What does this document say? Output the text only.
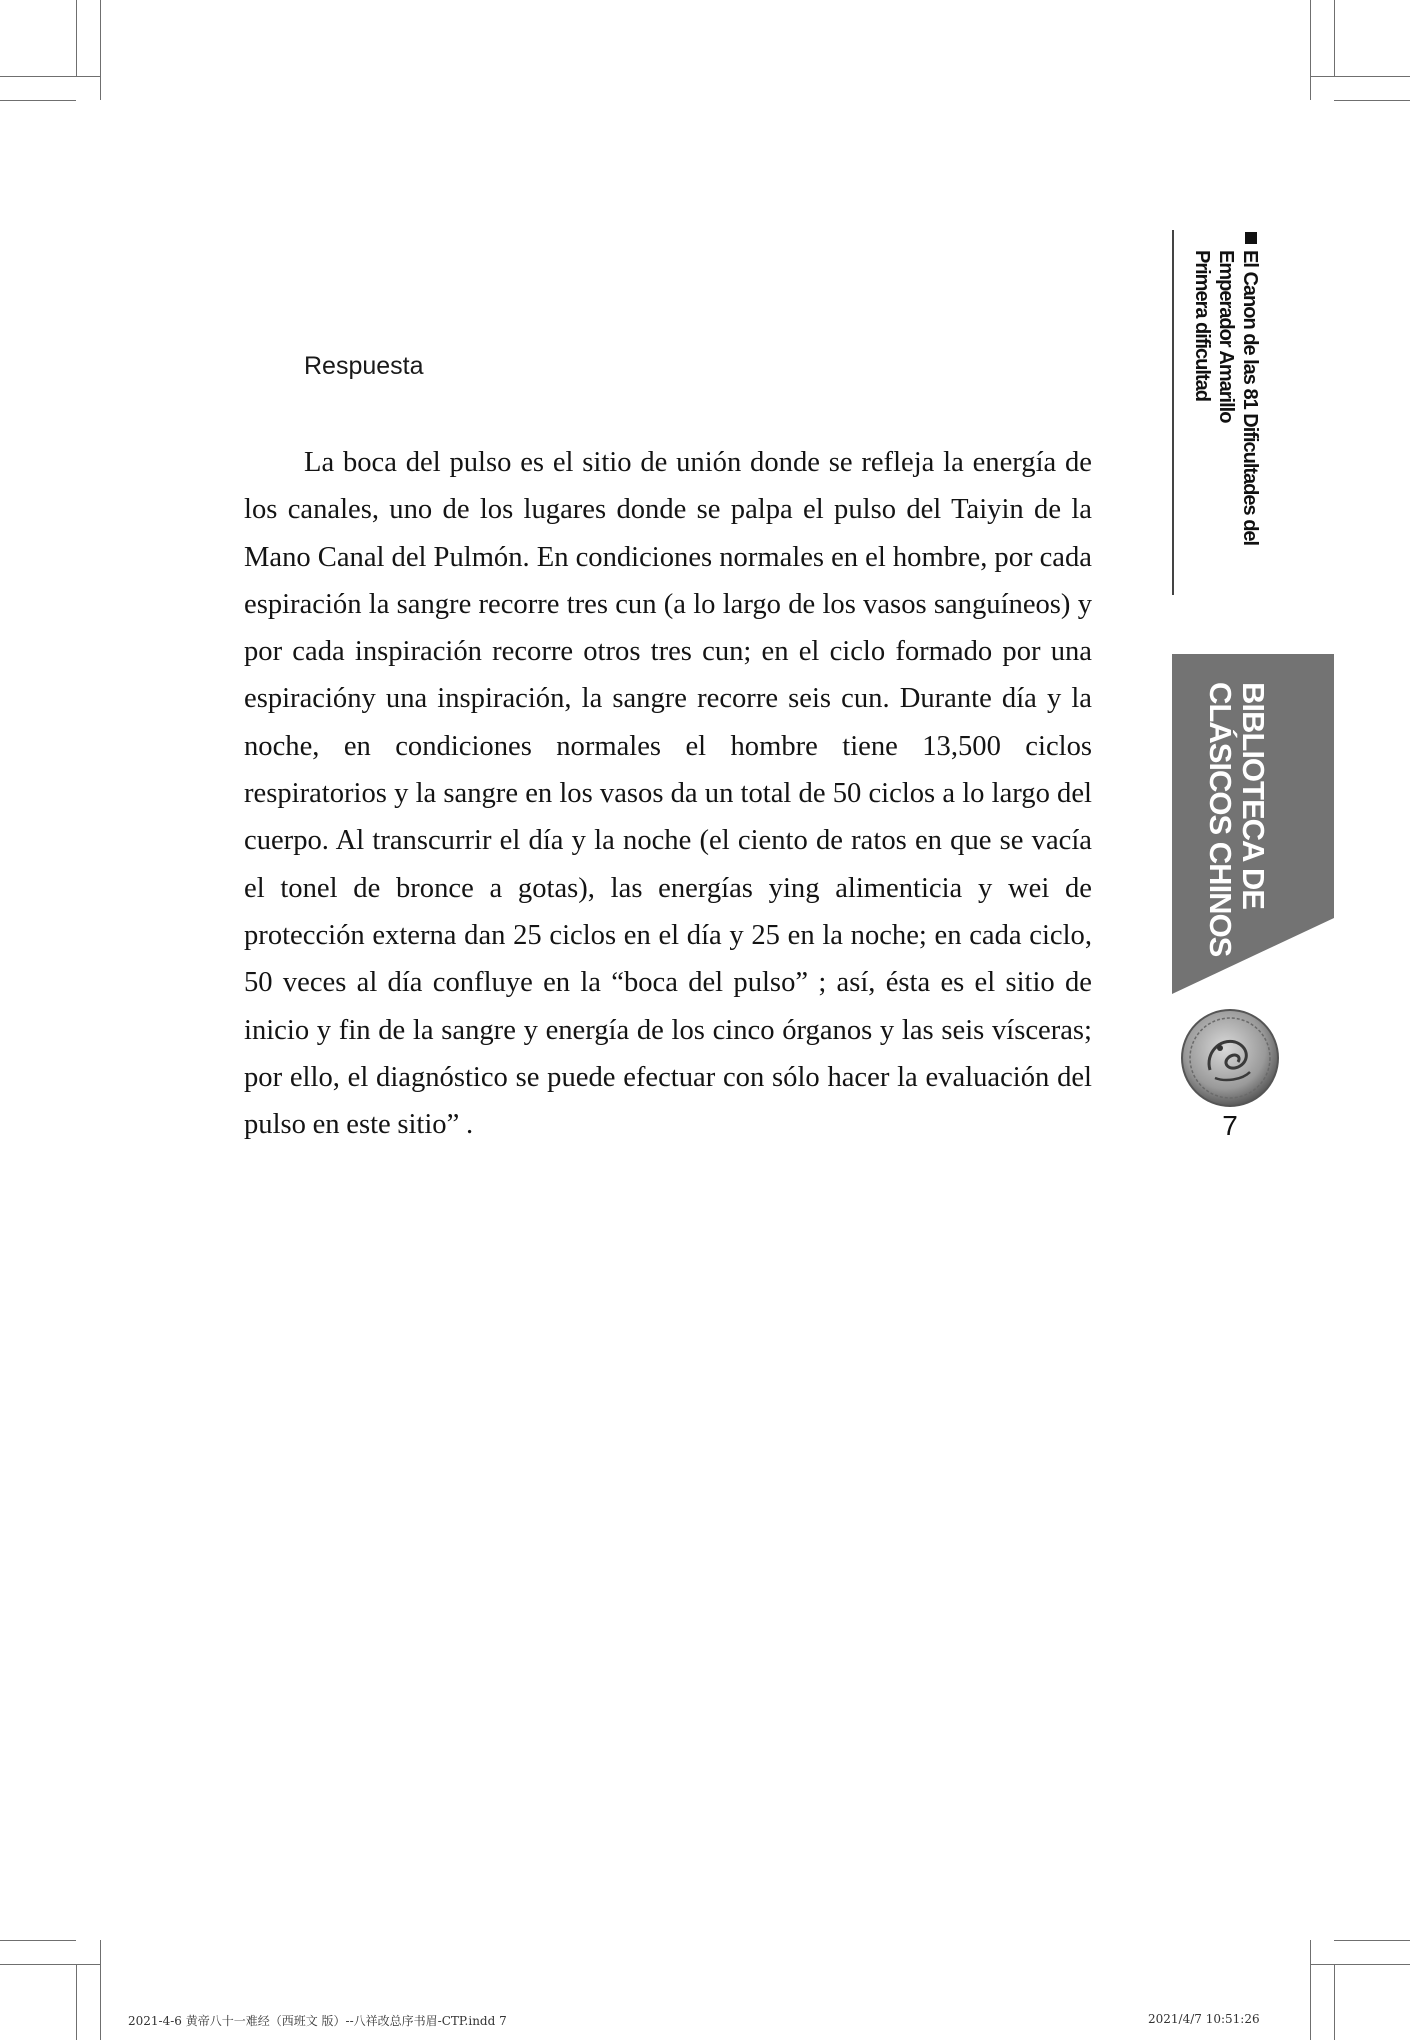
Respuesta

La boca del pulso es el sitio de unión donde se refleja la energía de los canales, uno de los lugares donde se palpa el pulso del Taiyin de la Mano Canal del Pulmón. En condiciones normales en el hombre, por cada espiración la sangre recorre tres cun (a lo largo de los vasos sanguíneos) y por cada inspiración recorre otros tres cun; en el ciclo formado por una espiracióny una inspiración, la sangre recorre seis cun. Durante día y la noche, en condiciones normales el hombre tiene 13,500 ciclos respiratorios y la sangre en los vasos da un total de 50 ciclos a lo largo del cuerpo. Al transcurrir el día y la noche (el ciento de ratos en que se vacía el tonel de bronce a gotas), las energías ying alimenticia y wei de protección externa dan 25 ciclos en el día y 25 en la noche; en cada ciclo, 50 veces al día confluye en la “boca del pulso” ; así, ésta es el sitio de inicio y fin de la sangre y energía de los cinco órganos y las seis vísceras; por ello, el diagnóstico se puede efectuar con sólo hacer la evaluación del pulso en este sitio” .

El Canon de las 81 Dificultades del
Emperador Amarillo
Primera dificultad
BIBLIOTECA DE
CLÁSICOS CHINOS
7
2021-4-6 黄帝八十一难经（西班文 版）--八祥改总序书眉-CTP.indd 7	2021/4/7 10:51:26
